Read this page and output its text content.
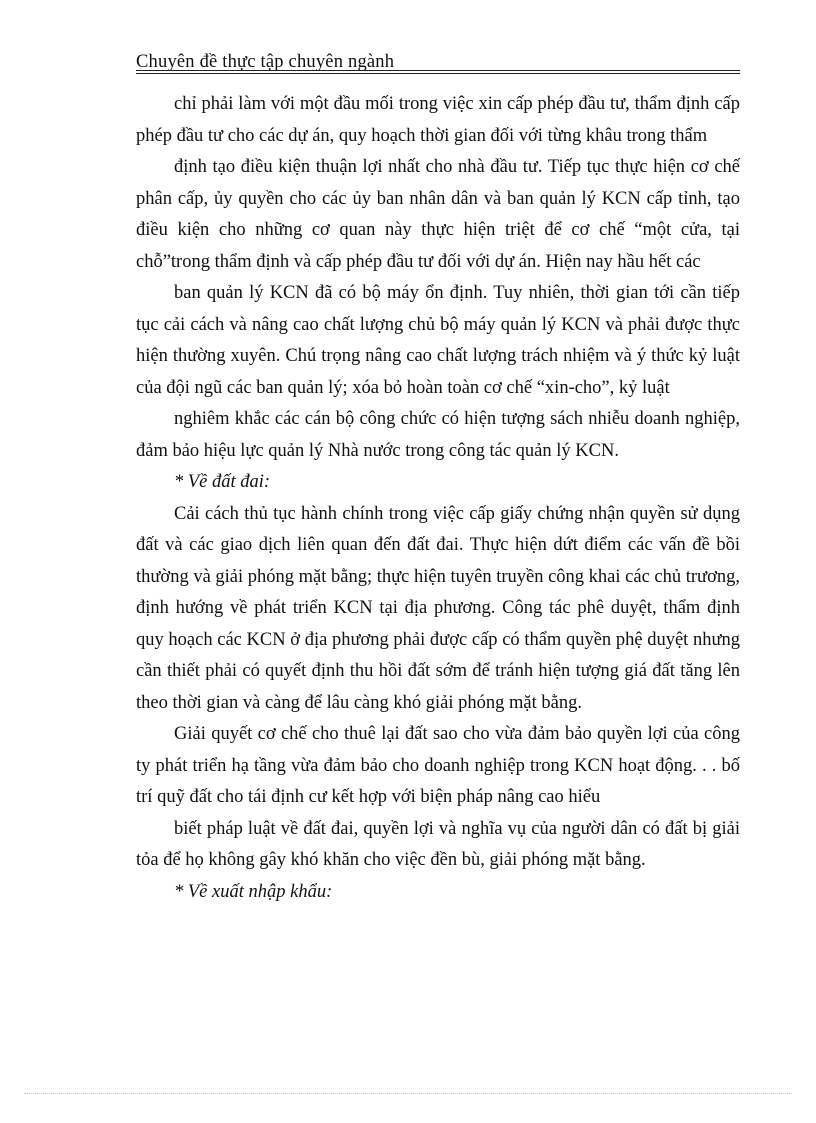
Chuyên đề thực tập chuyên ngành

chỉ phải làm với một đầu mối trong việc xin cấp phép đầu tư, thẩm định cấp phép đầu tư cho các dự án, quy hoạch thời gian đối với từng khâu trong thẩm

định tạo điều kiện thuận lợi nhất cho nhà đầu tư. Tiếp tục thực hiện cơ chế phân cấp, ủy quyền cho các ủy ban nhân dân và ban quản lý KCN cấp tỉnh, tạo điều kiện cho những cơ quan này thực hiện triệt để cơ chế “một cửa, tại chỗ”trong thẩm định và cấp phép đầu tư đối với dự án. Hiện nay hầu hết các

ban quản lý KCN đã có bộ máy ổn định. Tuy nhiên, thời gian tới cần tiếp tục cải cách và nâng cao chất lượng chủ bộ máy quản lý KCN và phải được thực hiện thường xuyên. Chú trọng nâng cao chất lượng trách nhiệm và ý thức kỷ luật của đội ngũ các ban quản lý; xóa bỏ hoàn toàn cơ chế “xin-cho”, kỷ luật

nghiêm khắc các cán bộ công chức có hiện tượng sách nhiễu doanh nghiệp, đảm bảo hiệu lực quản lý Nhà nước trong công tác quản lý KCN.

* Về đất đai:

Cải cách thủ tục hành chính trong việc cấp giấy chứng nhận quyền sử dụng đất và các giao dịch liên quan đến đất đai. Thực hiện dứt điểm các vấn đề bồi thường và giải phóng mặt bằng; thực hiện tuyên truyền công khai các chủ trương, định hướng về phát triển KCN tại địa phương. Công tác phê duyệt, thẩm định quy hoạch các KCN ở địa phương phải được cấp có thẩm quyền phệ duyệt nhưng cần thiết phải có quyết định thu hồi đất sớm để tránh hiện tượng giá đất tăng lên theo thời gian và càng để lâu càng khó giải phóng mặt bằng.

Giải quyết cơ chế cho thuê lại đất sao cho vừa đảm bảo quyền lợi của công ty phát triển hạ tầng vừa đảm bảo cho doanh nghiệp trong KCN hoạt động. . . bố trí quỹ đất cho tái định cư kết hợp với biện pháp nâng cao hiểu

biết pháp luật về đất đai, quyền lợi và nghĩa vụ của người dân có đất bị giải tỏa để họ không gây khó khăn cho việc đền bù, giải phóng mặt bằng.

* Về xuất nhập khẩu:
